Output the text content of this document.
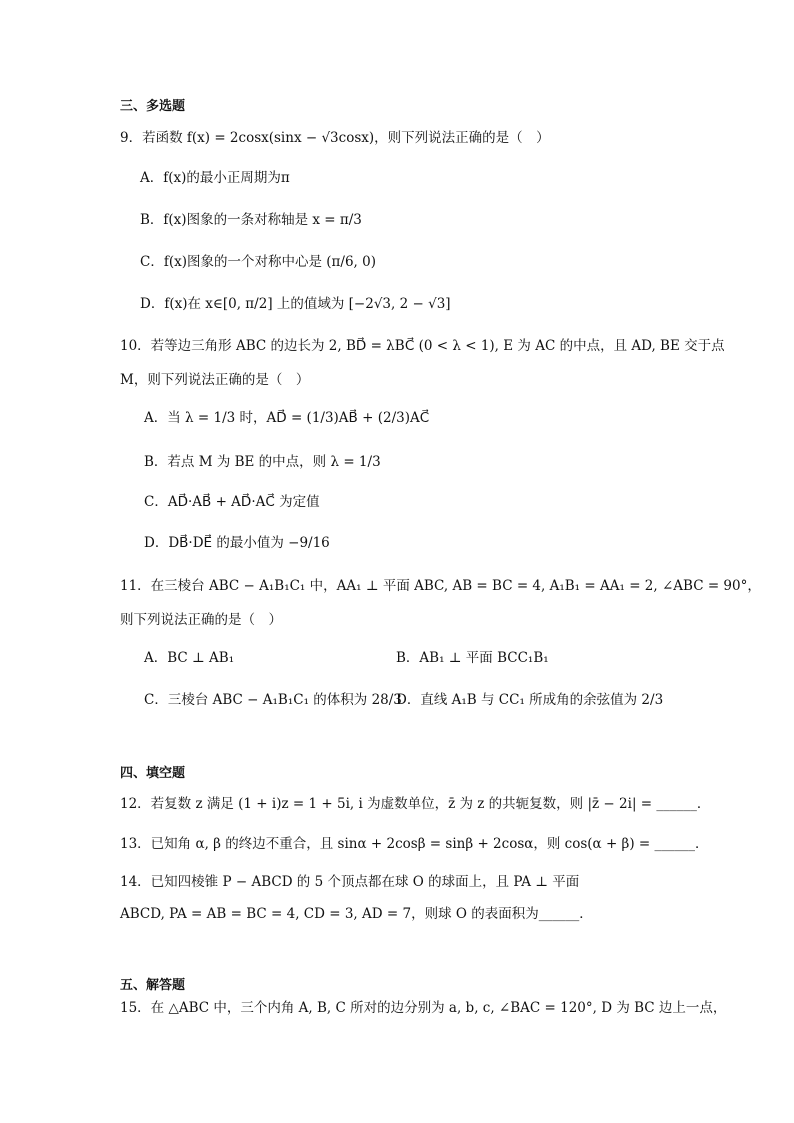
三、多选题
9．若函数 f(x) = 2cosx(sinx − √3cosx)，则下列说法正确的是（　）
A．f(x)的最小正周期为π
B．f(x)图象的一条对称轴是 x = π/3
C．f(x)图象的一个对称中心是 (π/6, 0)
D．f(x)在 x∈[0, π/2] 上的值域为 [−2√3, 2 − √3]
10．若等边三角形 ABC 的边长为 2, BD⃗ = λBC⃗ (0 < λ < 1), E 为 AC 的中点，且 AD, BE 交于点
M，则下列说法正确的是（　）
A．当 λ = 1/3 时，AD⃗ = (1/3)AB⃗ + (2/3)AC⃗
B．若点 M 为 BE 的中点，则 λ = 1/3
C．AD⃗·AB⃗ + AD⃗·AC⃗ 为定值
D．DB⃗·DE⃗ 的最小值为 −9/16
11．在三棱台 ABC − A₁B₁C₁ 中，AA₁ ⊥ 平面 ABC, AB = BC = 4, A₁B₁ = AA₁ = 2, ∠ABC = 90°，
则下列说法正确的是（　）
A．BC ⊥ AB₁	B．AB₁ ⊥ 平面 BCC₁B₁
C．三棱台 ABC − A₁B₁C₁ 的体积为 28/3
D．直线 A₁B 与 CC₁ 所成角的余弦值为 2/3
四、填空题
12．若复数 z 满足 (1 + i)z = 1 + 5i, i 为虚数单位，z̄ 为 z 的共轭复数，则 |z̄ − 2i| = ______．
13．已知角 α, β 的终边不重合，且 sinα + 2cosβ = sinβ + 2cosα，则 cos(α + β) = ______．
14．已知四棱锥 P − ABCD 的 5 个顶点都在球 O 的球面上，且 PA ⊥ 平面
ABCD, PA = AB = BC = 4, CD = 3, AD = 7，则球 O 的表面积为______．
五、解答题
15．在 △ABC 中，三个内角 A, B, C 所对的边分别为 a, b, c, ∠BAC = 120°, D 为 BC 边上一点，
